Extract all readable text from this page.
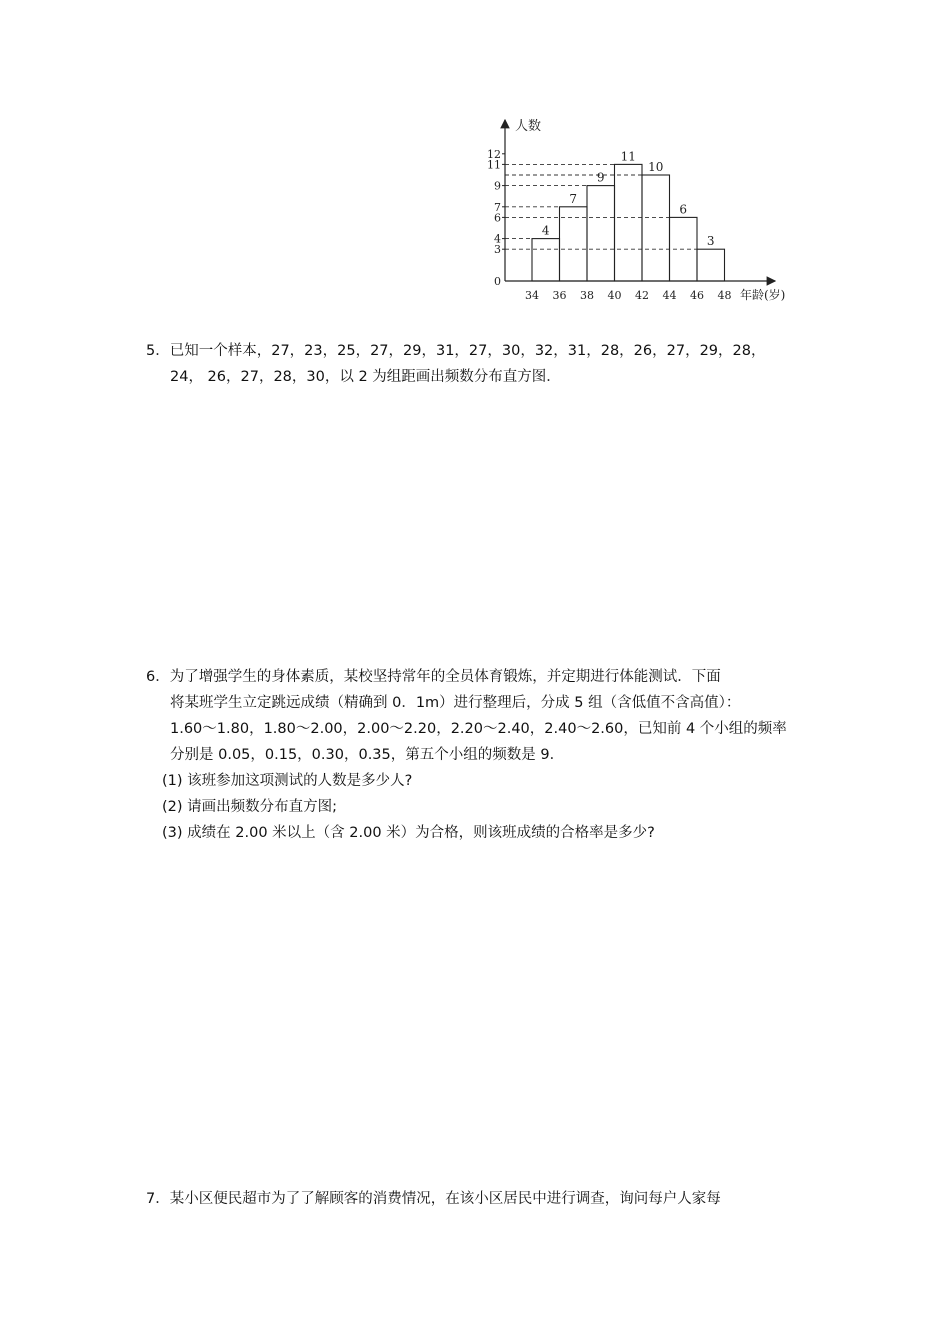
人数
年龄(岁)
0
3
4
6
7
9
11
12
34 36 38 40 42 44 46 48
4
7
9
11
10
6
3
5．已知一个样本，27，23，25，27，29，31，27，30，32，31，28，26，27，29，28，
24， 26，27，28，30，以 2 为组距画出频数分布直方图．
6．为了增强学生的身体素质，某校坚持常年的全员体育锻炼，并定期进行体能测试．下面
将某班学生立定跳远成绩（精确到 0．1m）进行整理后，分成 5 组（含低值不含高值）：
1.60～1.80，1.80～2.00，2.00～2.20，2.20～2.40，2.40～2.60，已知前 4 个小组的频率
分别是 0.05，0.15，0.30，0.35，第五个小组的频数是 9．
(1) 该班参加这项测试的人数是多少人?
(2) 请画出频数分布直方图;
(3) 成绩在 2.00 米以上（含 2.00 米）为合格，则该班成绩的合格率是多少?
7．某小区便民超市为了了解顾客的消费情况，在该小区居民中进行调查，询问每户人家每
